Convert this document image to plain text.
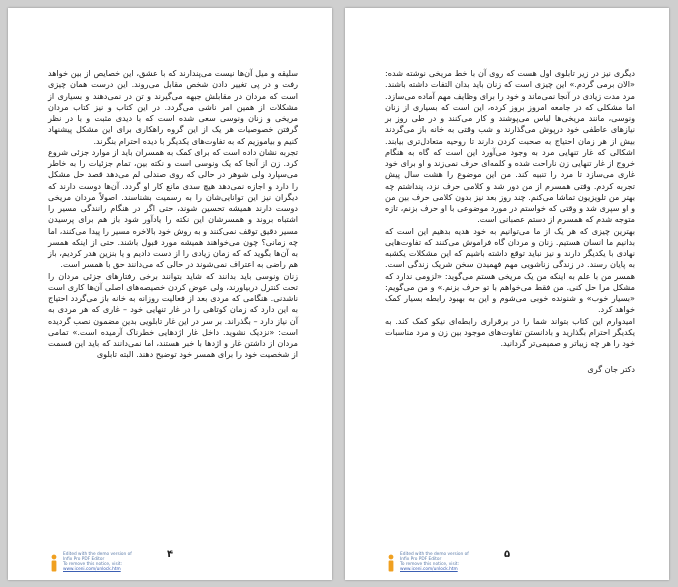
سلیقه و میل آن‌ها نیست می‌پندارند که با عشق، این خصایص از بین خواهد رفت و در پی تغییر دادن شخص مقابل می‌روند. این درست همان چیزی است که مردان در مقابلش جبهه می‌گیرند و تن در نمی‌دهند و بسیاری از مشکلات از همین امر ناشی می‌گردد. در این کتاب و نیز کتاب مردان مریخی و زنان ونوسی سعی شده است که با دیدی مثبت و با در نظر گرفتن خصوصیات هر یک از این گروه راهکاری برای این مشکل پیشنهاد کنیم و بیاموزیم که به تفاوت‌های یکدیگر با دیده احترام بنگرند.

تجربه نشان داده است که برای کمک به همسران باید از موارد جزئی شروع کرد. زن از آنجا که یک ونوسی است و نکته بین، تمام جزئیات را به خاطر می‌سپارد ولی شوهر در حالی که روی صندلی لم می‌دهد قصد حل مشکل را دارد و اجازه نمی‌دهد هیچ سدی مانع کار او گردد. آن‌ها دوست دارند که دیگران نیز این توانایی‌شان را به رسمیت بشناسند. اصولاً مردان مریخی دوست دارند همیشه تحسین شوند، حتی اگر در هنگام رانندگی مسیر را اشتباه بروند و همسرشان این نکته را یادآور شود باز هم برای پرسیدن مسیر دقیق توقف نمی‌کنند و به روش خود بالاخره مسیر را پیدا می‌کنند، اما چه زمانی؟ چون می‌خواهند همیشه مورد قبول باشند. حتی از اینکه همسر به آن‌ها بگوید که که زمان زیادی را از دست دادیم و یا بنزین هدر کردیم، باز هم راضی به اعتراف نمی‌شوند در حالی که می‌دانند حق با همسر است.

زنان ونوسی باید بدانند که شاید بتوانند برخی رفتارهای جزئی مردان را تحت کنترل دربیاورند، ولی عوض کردن خصیصه‌های اصلی آن‌ها کاری است ناشدنی. هنگامی که مردی بعد از فعالیت روزانه به خانه باز می‌گردد احتیاج به این دارد که زمان کوتاهی را در غار تنهایی خود – غاری که هر مردی به آن نیاز دارد – بگذراند. بر سر در این غار تابلویی بدین مضمون نصب گردیده است: «نزدیک نشوید. داخل غار اژدهایی خطرناک آرمیده است.» تمامی مردان از داشتن غار و اژدها با خبر هستند، اما نمی‌دانند که باید این قسمت از شخصیت خود را برای همسر خود توضیح دهند. البته تابلوی

۴
Edited with the demo version of
Infix Pro PDF Editor
To remove this notice, visit:
www.iceni.com/unlock.htm

دیگری نیز در زیر تابلوی اول هست که روی آن با خط مریخی نوشته شده: «الان برمی گردم.» این چیزی است که زنان باید بدان التفات داشته باشند. مرد مدت زیادی در آنجا نمی‌ماند و خود را برای وظایف مهم آماده می‌سازد. اما مشکلی که در جامعه امروز بروز کرده، این است که بسیاری از زنان ونوسی، مانند مریخی‌ها لباس می‌پوشند و کار می‌کنند و در طی روز بر نیازهای عاطفی خود درپوش می‌گذارند و شب وقتی به خانه باز می‌گردند بیش از هر زمان احتیاج به صحبت کردن دارند تا روحیه متعادل‌تری بیابند. اشکالی که غار تنهایی مرد به وجود می‌آورد این است که گاه به هنگام خروج از غار تنهایی زن ناراحت شده و کلمه‌ای حرف نمی‌زند و او برای خود غاری می‌سازد تا مرد را تنبیه کند. من این موضوع را هشت سال پیش تجربه کردم. وقتی همسرم از من دور شد و کلامی حرف نزد، پنداشتم چه بهتر من تلویزیون تماشا می‌کنم. چند روز بعد نیز بدون کلامی حرف بین من و او سپری شد و وقتی که خواستم در مورد موضوعی با او حرف بزنم، تازه متوجه شدم که همسرم از دستم عصبانی است.

بهترین چیزی که هر یک از ما می‌توانیم به خود هدیه بدهیم این است که بدانیم ما انسان هستیم. زنان و مردان گاه فراموش می‌کنند که تفاوت‌هایی نهادی با یکدیگر دارند و نیز نباید توقع داشته باشیم که این مشکلات یکشبه به پایان رسند. در زندگی زناشویی مهم فهمیدن سخن شریک زندگی است. همسر من با علم به اینکه من یک مریخی هستم می‌گوید: «لزومی ندارد که مشکل مرا حل کنی. من فقط می‌خواهم با تو حرف بزنم.» و من می‌گویم: «بسیار خوب» و شنونده خوبی می‌شوم و این به بهبود رابطه بسیار کمک خواهد کرد.

امیدوارم این کتاب بتواند شما را در برقراری رابطه‌ای نیکو کمک کند. به یکدیگر احترام بگذارید و بادانستن تفاوت‌های موجود بین زن و مرد مناسبات خود را هر چه زیباتر و صمیمی‌تر گردانید.

دکتر جان گری

۵
Edited with the demo version of
Infix Pro PDF Editor
To remove this notice, visit:
www.iceni.com/unlock.htm
